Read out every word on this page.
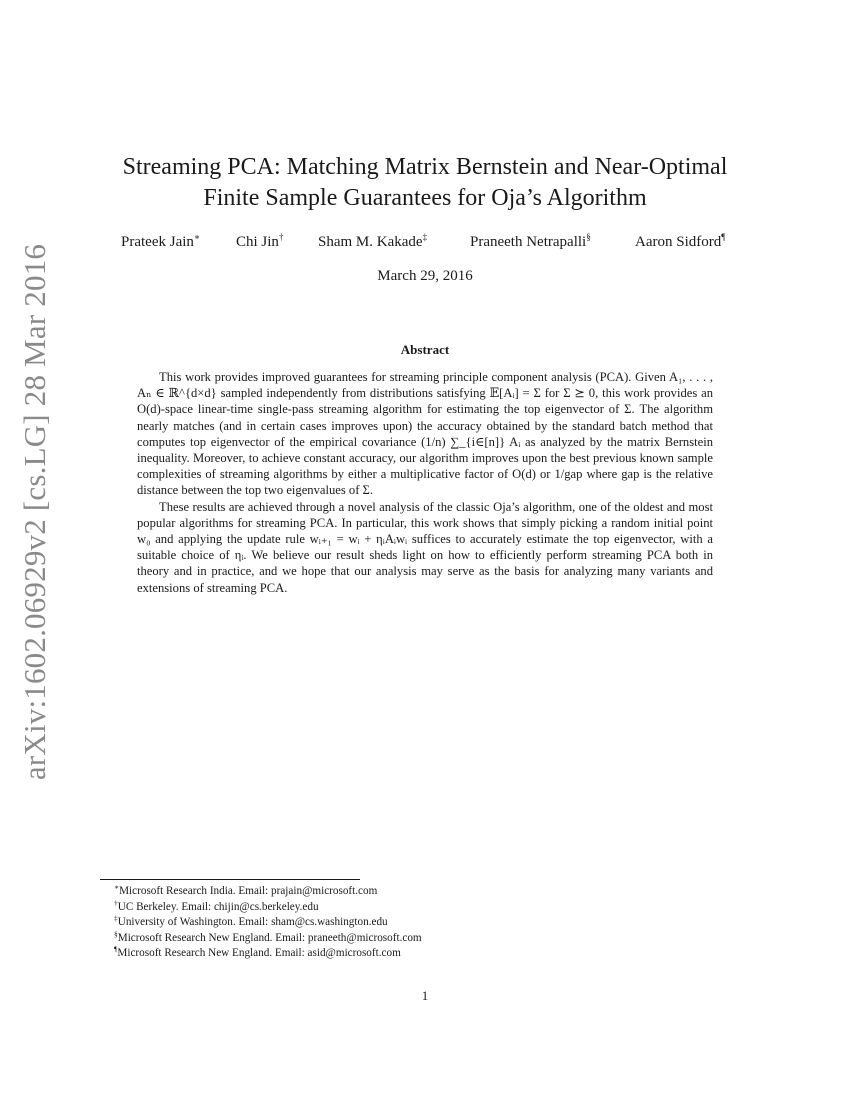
arXiv:1602.06929v2 [cs.LG] 28 Mar 2016
Streaming PCA: Matching Matrix Bernstein and Near-Optimal
Finite Sample Guarantees for Oja’s Algorithm
Prateek Jain∗ Chi Jin† Sham M. Kakade‡	Praneeth Netrapalli§	Aaron Sidford¶
March 29, 2016
Abstract

This work provides improved guarantees for streaming principle component analysis (PCA). Given A₁, . . . , Aₙ ∈ ℝ^{d×d} sampled independently from distributions satisfying 𝔼[Aᵢ] = Σ for Σ ⪰ 0, this work provides an O(d)-space linear-time single-pass streaming algorithm for estimating the top eigenvector of Σ. The algorithm nearly matches (and in certain cases improves upon) the accuracy obtained by the standard batch method that computes top eigenvector of the empirical covariance (1/n) ∑_{i∈[n]} Aᵢ as analyzed by the matrix Bernstein inequality. Moreover, to achieve constant accuracy, our algorithm improves upon the best previous known sample complexities of streaming algorithms by either a multiplicative factor of O(d) or 1/gap where gap is the relative distance between the top two eigenvalues of Σ.

These results are achieved through a novel analysis of the classic Oja’s algorithm, one of the oldest and most popular algorithms for streaming PCA. In particular, this work shows that simply picking a random initial point w₀ and applying the update rule wᵢ₊₁ = wᵢ + ηᵢAᵢwᵢ suffices to accurately estimate the top eigenvector, with a suitable choice of ηᵢ. We believe our result sheds light on how to efficiently perform streaming PCA both in theory and in practice, and we hope that our analysis may serve as the basis for analyzing many variants and extensions of streaming PCA.

∗Microsoft Research India. Email: prajain@microsoft.com
†UC Berkeley. Email: chijin@cs.berkeley.edu
‡University of Washington. Email: sham@cs.washington.edu
§Microsoft Research New England. Email: praneeth@microsoft.com
¶Microsoft Research New England. Email: asid@microsoft.com
1
